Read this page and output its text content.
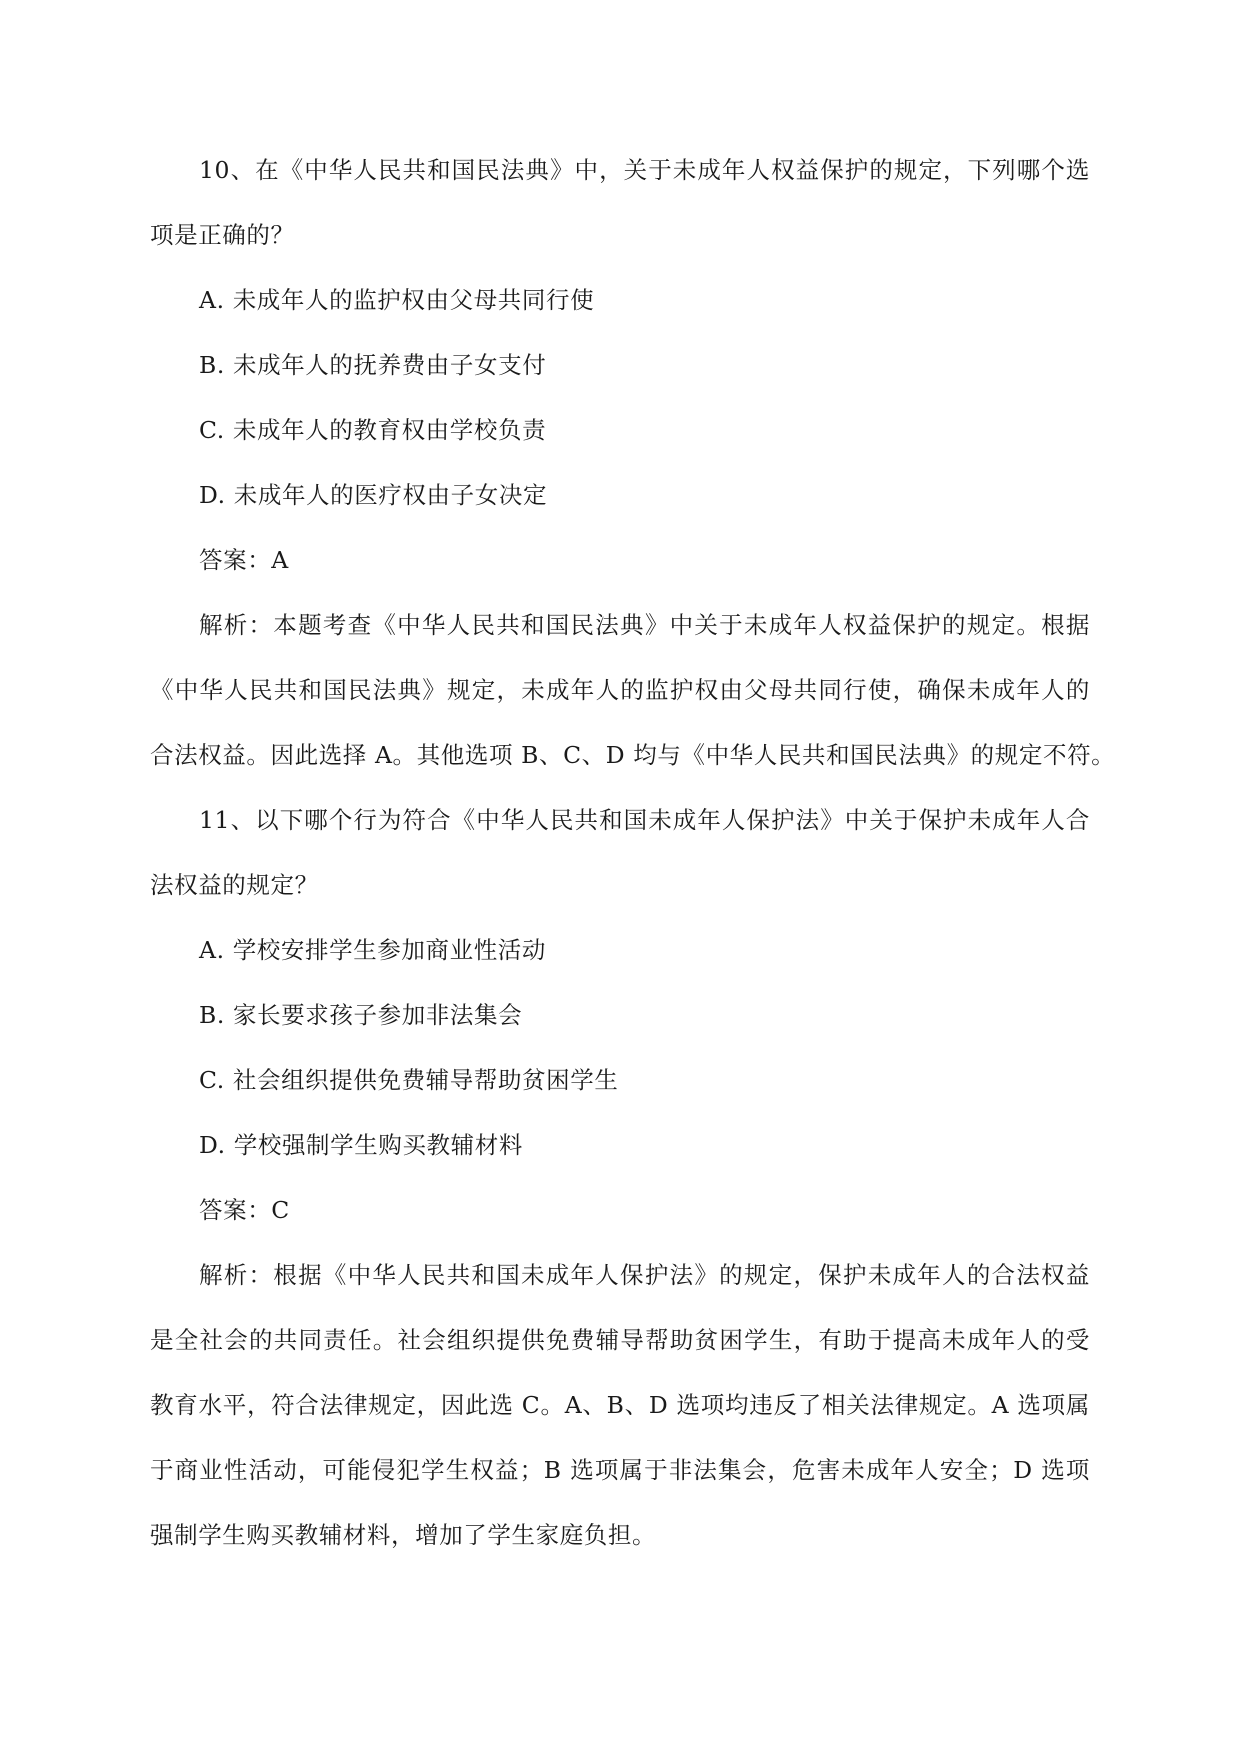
10、在《中华人民共和国民法典》中，关于未成年人权益保护的规定，下列哪个选
项是正确的？
A. 未成年人的监护权由父母共同行使
B. 未成年人的抚养费由子女支付
C. 未成年人的教育权由学校负责
D. 未成年人的医疗权由子女决定
答案：A
解析：本题考查《中华人民共和国民法典》中关于未成年人权益保护的规定。根据
《中华人民共和国民法典》规定，未成年人的监护权由父母共同行使，确保未成年人的
合法权益。因此选择 A。其他选项 B、C、D 均与《中华人民共和国民法典》的规定不符。
11、以下哪个行为符合《中华人民共和国未成年人保护法》中关于保护未成年人合
法权益的规定？
A. 学校安排学生参加商业性活动
B. 家长要求孩子参加非法集会
C. 社会组织提供免费辅导帮助贫困学生
D. 学校强制学生购买教辅材料
答案：C
解析：根据《中华人民共和国未成年人保护法》的规定，保护未成年人的合法权益
是全社会的共同责任。社会组织提供免费辅导帮助贫困学生，有助于提高未成年人的受
教育水平，符合法律规定，因此选 C。A、B、D 选项均违反了相关法律规定。A 选项属
于商业性活动，可能侵犯学生权益；B 选项属于非法集会，危害未成年人安全；D 选项
强制学生购买教辅材料，增加了学生家庭负担。
